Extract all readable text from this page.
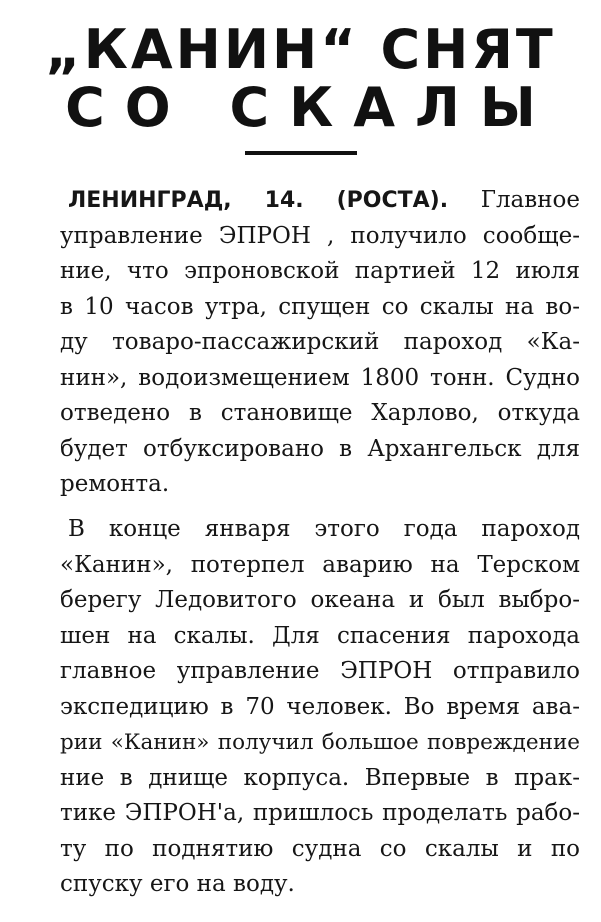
„КАНИН“ СНЯТ
СО СКАЛЫ
ЛЕНИНГРАД, 14. (РОСТА). Главное
управление ЭПРОН , получило сообще-
ние, что эпроновской партией 12 июля
в 10 часов утра, спущен со скалы на во-
ду товаро-пассажирский пароход «Ка-
нин», водоизмещением 1800 тонн. Судно
отведено в становище Харлово, откуда
будет отбуксировано в Архангельск для
ремонта.
В конце января этого года пароход
«Канин», потерпел аварию на Терском
берегу Ледовитого океана и был выбро-
шен на скалы. Для спасения парохода
главное управление ЭПРОН отправило
экспедицию в 70 человек. Во время ава-
рии «Канин» получил большое повреждение
ние в днище корпуса. Впервые в прак-
тике ЭПРОН'а, пришлось проделать рабо-
ту по поднятию судна со скалы и по
спуску его на воду.
